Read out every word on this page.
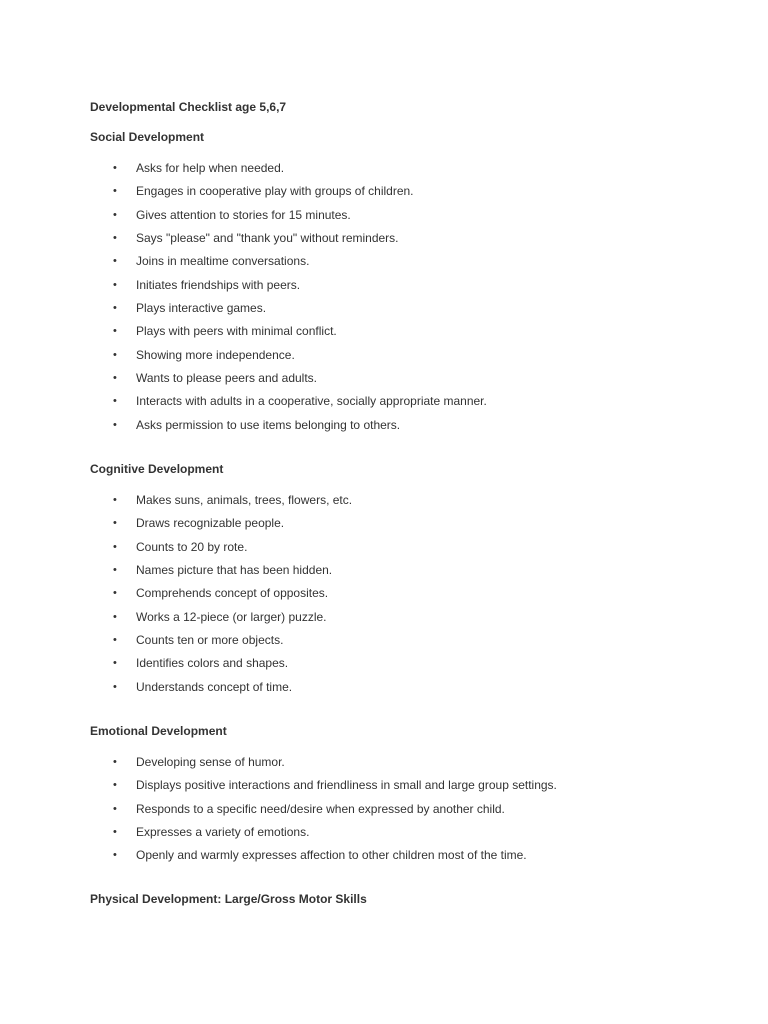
Developmental Checklist age 5,6,7
Social Development
• Asks for help when needed.
• Engages in cooperative play with groups of children.
• Gives attention to stories for 15 minutes.
• Says "please" and "thank you" without reminders.
• Joins in mealtime conversations.
• Initiates friendships with peers.
• Plays interactive games.
• Plays with peers with minimal conflict.
• Showing more independence.
• Wants to please peers and adults.
• Interacts with adults in a cooperative, socially appropriate manner.
• Asks permission to use items belonging to others.
Cognitive Development
• Makes suns, animals, trees, flowers, etc.
• Draws recognizable people.
• Counts to 20 by rote.
• Names picture that has been hidden.
• Comprehends concept of opposites.
• Works a 12-piece (or larger) puzzle.
• Counts ten or more objects.
• Identifies colors and shapes.
• Understands concept of time.
Emotional Development
• Developing sense of humor.
• Displays positive interactions and friendliness in small and large group settings.
• Responds to a specific need/desire when expressed by another child.
• Expresses a variety of emotions.
• Openly and warmly expresses affection to other children most of the time.
Physical Development: Large/Gross Motor Skills
